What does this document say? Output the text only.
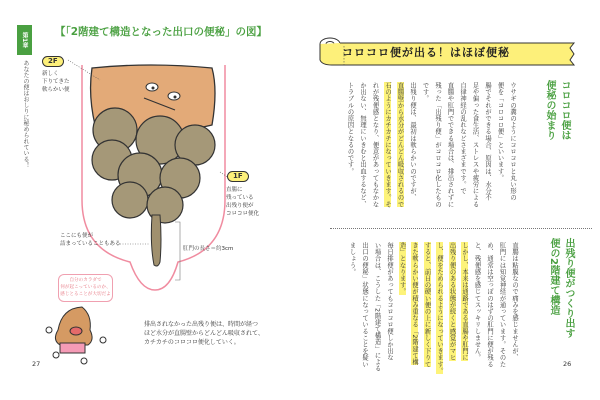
第1章
あなたの便はおしりに秘められている！
【「2階建て構造となった出口の便秘」の図】
2F
新しく
下りてきた
軟らかい便
1F
直腸に
残っている
出残り便が
コロコロ便化
ここにも便が
詰まっていることもある
肛門の長さ＝約3cm
自分のカラダで
何が起こっているのか、
感じとることが大切だよ
排出されなかった出残り便は、時間が経つ
ほど水分が直腸壁からどんどん吸収されて、
カチカチのコロコロ便化していく。
27
コロコロ便が出る！はほぼ便秘
コロコロ便は
便秘の始まり
ウサギの糞のようにコロコロと丸い形の
便を「コロコロ便」といいます。
腸でそれができる場合、原因は、水分不
足や偏った食生活、ストレスや疲労による
自律神経の乱れなどさまざまです。で
直腸や肛門でできる場合は、排出されずに
残った「出残り便」がコロコロ化したもの
です。
出残り便は、最初は軟らかいのですが、
直腸壁から水分がどんどん吸収されるので
石のようにカチカチになっていきます。そ
れが残便感となり、便意があってもなかな
か出ない、無理にいきむと出血するなど、
トラブルの原因となるのです。
出残り便がつくり出す
便の2階建て構造
直腸は粘膜なので痛みを感じませんが、
肛門には知覚神経が通っています。そのた
め、通常は空っぽのはずの肛門に便が残る
と、残便感を感じてスッキリしません。
しかし、本来は通路である直腸や肛門に
出残り便のある状態が続くと感覚がマヒ
し、便をためられるようになっていきます。
すると、前日の硬い便の上に新しく下りて
きた軟らかい便が積み重なる「2階建て構
造」となります。
毎日排便があってもコロコロ便しか出な
い場合は、こうした「2階建て構造」による
出口の便秘」状態になっていることを疑い
ましょう。
26
